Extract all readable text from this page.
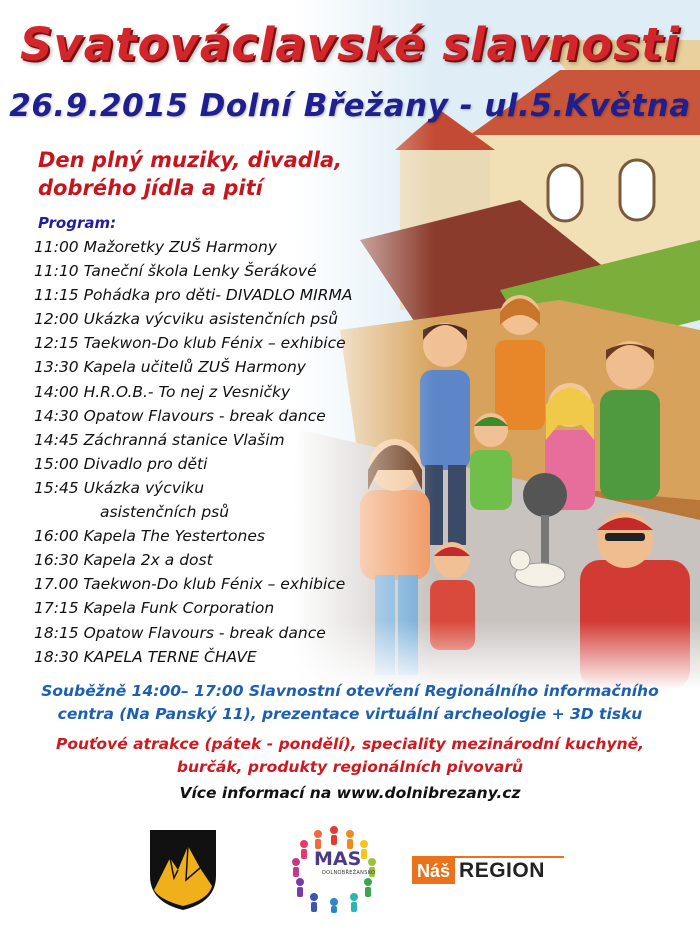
Svatováclavské slavnosti
26.9.2015 Dolní Břežany - ul.5.Května
Den plný muziky, divadla,
dobrého jídla a pití
Program:
11:00 Mažoretky ZUŠ Harmony
11:10 Taneční škola Lenky Šerákové
11:15 Pohádka pro děti- DIVADLO MIRMA
12:00 Ukázka výcviku asistenčních psů
12:15 Taekwon-Do klub Fénix – exhibice
13:30 Kapela učitelů ZUŠ Harmony
14:00 H.R.O.B.- To nej z Vesničky
14:30 Opatow Flavours - break dance
14:45 Záchranná stanice Vlašim
15:00 Divadlo pro děti
15:45 Ukázka výcviku
asistenčních psů
16:00 Kapela The Yestertones
16:30 Kapela 2x a dost
17.00 Taekwon-Do klub Fénix – exhibice
17:15 Kapela Funk Corporation
18:15 Opatow Flavours - break dance
18:30 KAPELA TERNE ČHAVE
Souběžně 14:00– 17:00 Slavnostní otevření Regionálního informačního
centra (Na Panský 11), prezentace virtuální archeologie + 3D tisku
Pouťové atrakce (pátek - pondělí), speciality mezinárodní kuchyně,
burčák, produkty regionálních pivovarů
Více informací na www.dolnibrezany.cz
MAS
DOLNOBŘEŽANSKO Náš REGION
